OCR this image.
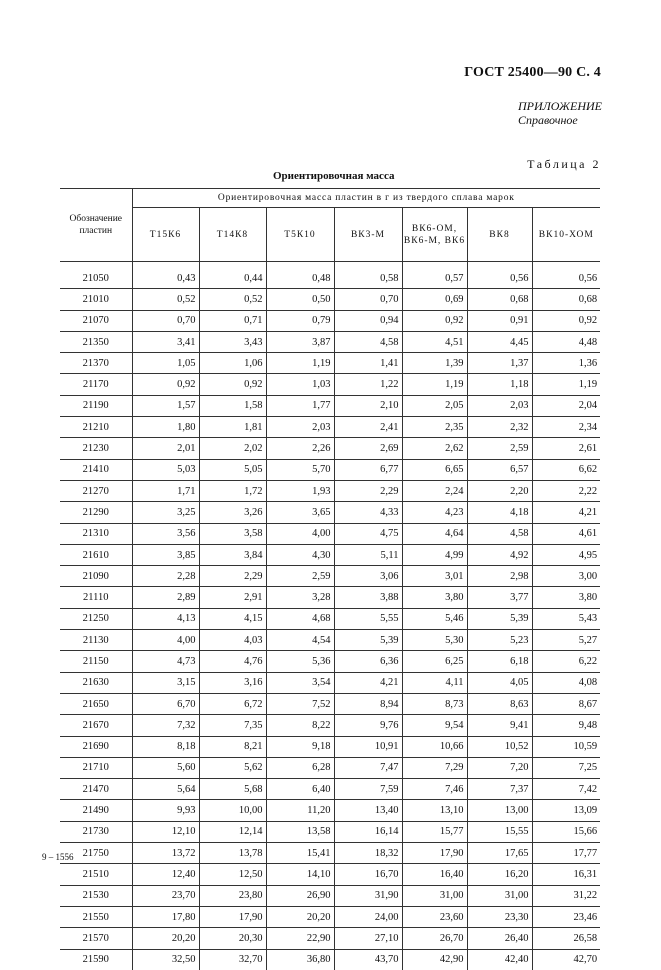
ГОСТ 25400—90 С. 4
ПРИЛОЖЕНИЕ
Справочное
Таблица 2
Ориентировочная масса
Обозначение пластин	Ориентировочная масса пластин в г из твердого сплава марок						
	Т15К6	Т14К8	Т5К10	ВК3-М	ВК6-ОМ, ВК6-М, ВК6	ВК8	ВК10-ХОМ
21050	0,43	0,44	0,48	0,58	0,57	0,56	0,56
21010	0,52	0,52	0,50	0,70	0,69	0,68	0,68
21070	0,70	0,71	0,79	0,94	0,92	0,91	0,92
21350	3,41	3,43	3,87	4,58	4,51	4,45	4,48
21370	1,05	1,06	1,19	1,41	1,39	1,37	1,36
21170	0,92	0,92	1,03	1,22	1,19	1,18	1,19
21190	1,57	1,58	1,77	2,10	2,05	2,03	2,04
21210	1,80	1,81	2,03	2,41	2,35	2,32	2,34
21230	2,01	2,02	2,26	2,69	2,62	2,59	2,61
21410	5,03	5,05	5,70	6,77	6,65	6,57	6,62
21270	1,71	1,72	1,93	2,29	2,24	2,20	2,22
21290	3,25	3,26	3,65	4,33	4,23	4,18	4,21
21310	3,56	3,58	4,00	4,75	4,64	4,58	4,61
21610	3,85	3,84	4,30	5,11	4,99	4,92	4,95
21090	2,28	2,29	2,59	3,06	3,01	2,98	3,00
21110	2,89	2,91	3,28	3,88	3,80	3,77	3,80
21250	4,13	4,15	4,68	5,55	5,46	5,39	5,43
21130	4,00	4,03	4,54	5,39	5,30	5,23	5,27
21150	4,73	4,76	5,36	6,36	6,25	6,18	6,22
21630	3,15	3,16	3,54	4,21	4,11	4,05	4,08
21650	6,70	6,72	7,52	8,94	8,73	8,63	8,67
21670	7,32	7,35	8,22	9,76	9,54	9,41	9,48
21690	8,18	8,21	9,18	10,91	10,66	10,52	10,59
21710	5,60	5,62	6,28	7,47	7,29	7,20	7,25
21470	5,64	5,68	6,40	7,59	7,46	7,37	7,42
21490	9,93	10,00	11,20	13,40	13,10	13,00	13,09
21730	12,10	12,14	13,58	16,14	15,77	15,55	15,66
21750	13,72	13,78	15,41	18,32	17,90	17,65	17,77
21510	12,40	12,50	14,10	16,70	16,40	16,20	16,31
21530	23,70	23,80	26,90	31,90	31,00	31,00	31,22
21550	17,80	17,90	20,20	24,00	23,60	23,30	23,46
21570	20,20	20,30	22,90	27,10	26,70	26,40	26,58
21590	32,50	32,70	36,80	43,70	42,90	42,40	42,70
9 – 1556
